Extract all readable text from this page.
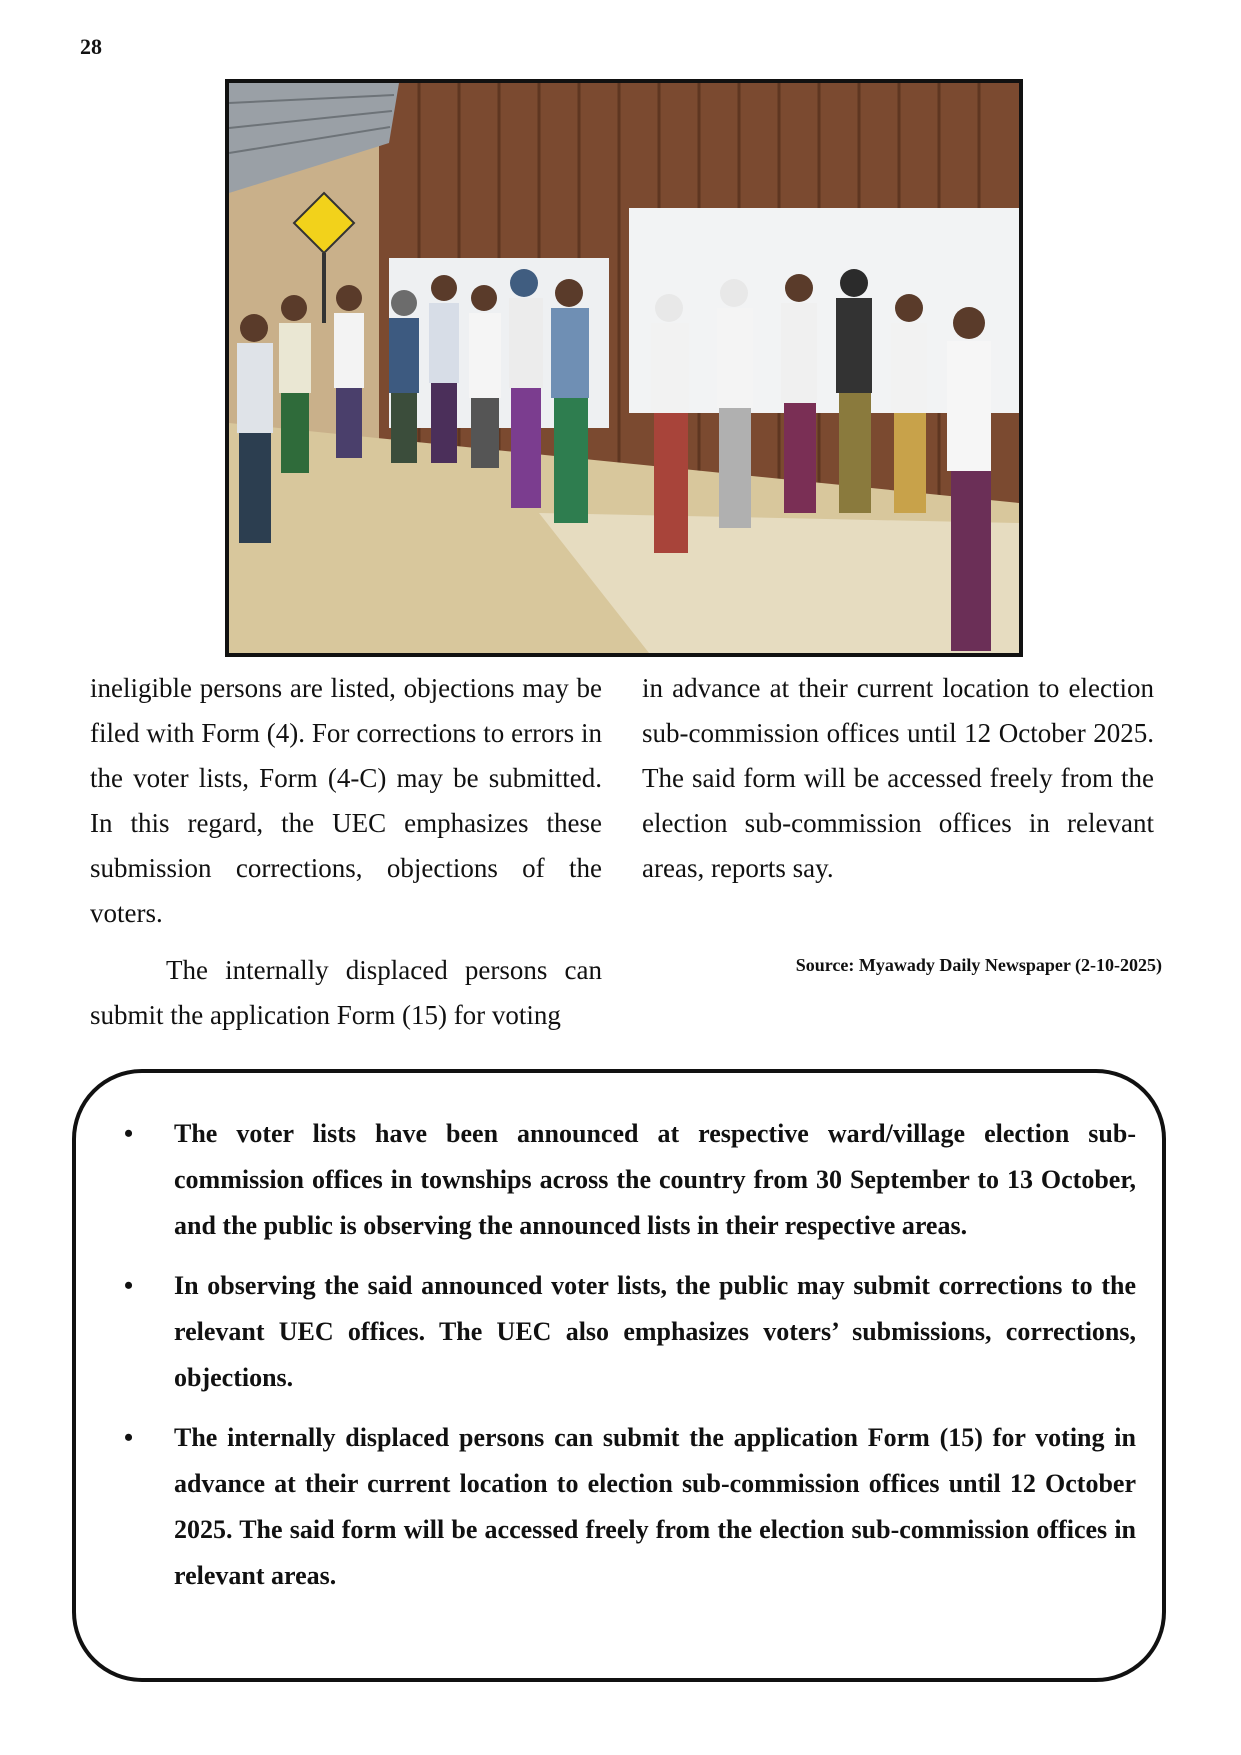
28

ineligible persons are listed, objections may be filed with Form (4). For corrections to errors in the voter lists, Form (4-C) may be submitted. In this regard, the UEC emphasizes these submission corrections, objections of the voters.

The internally displaced persons can submit the application Form (15) for voting

in advance at their current location to election sub-commission offices until 12 October 2025. The said form will be accessed freely from the election sub-commission offices in relevant areas, reports say.

Source: Myawady Daily Newspaper (2-10-2025)
• The voter lists have been announced at respective ward/village election sub-commission offices in townships across the country from 30 September to 13 October, and the public is observing the announced lists in their respective areas.
• In observing the said announced voter lists, the public may submit corrections to the relevant UEC offices. The UEC also emphasizes voters’ submissions, corrections, objections.
• The internally displaced persons can submit the application Form (15) for voting in advance at their current location to election sub-commission offices until 12 October 2025. The said form will be accessed freely from the election sub-commission offices in relevant areas.
